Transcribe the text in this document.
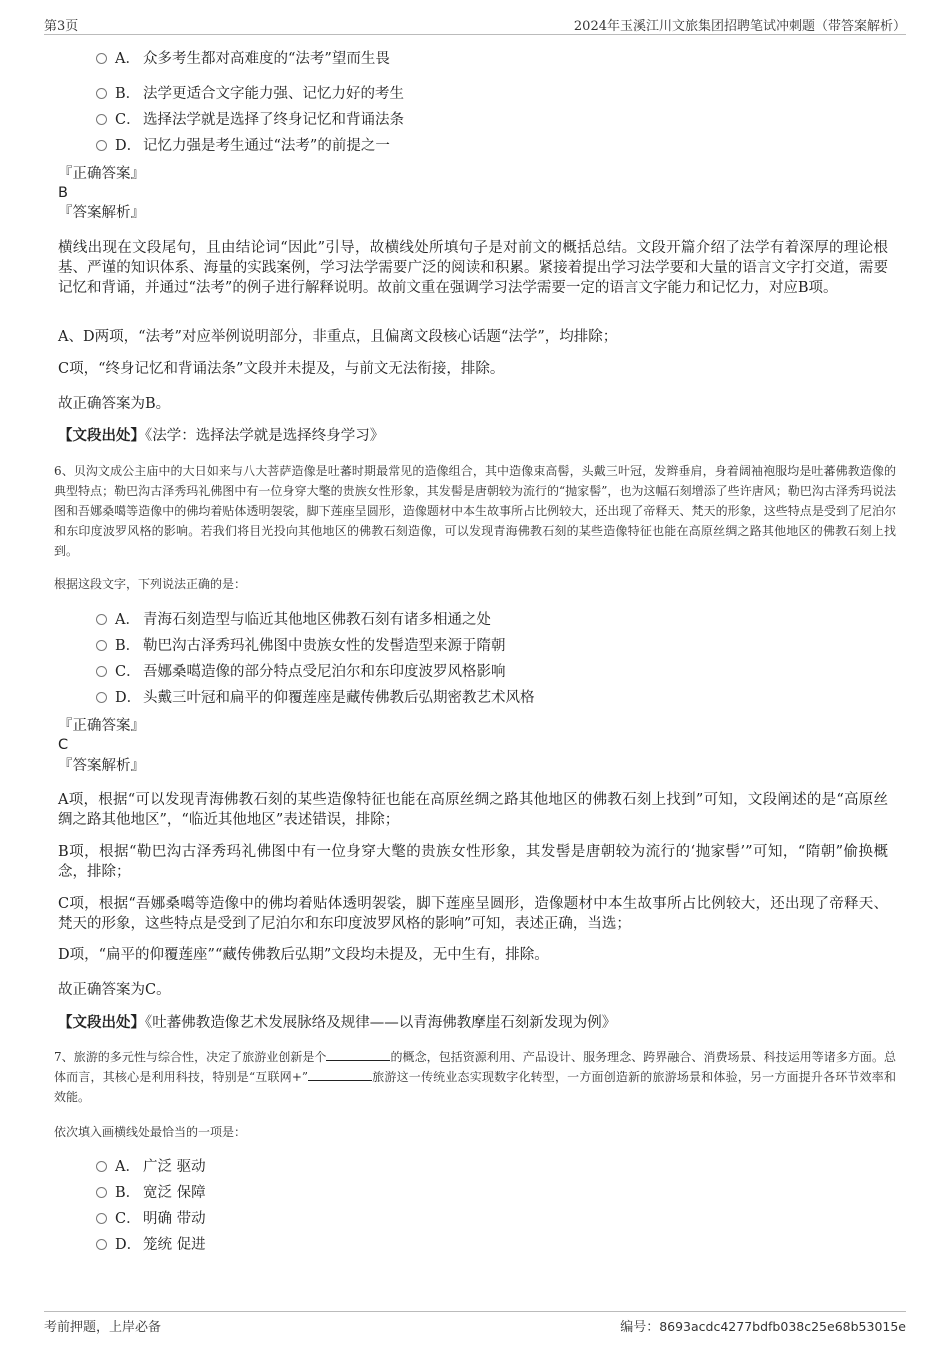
第3页	2024年玉溪江川文旅集团招聘笔试冲刺题（带答案解析）
A． 众多考生都对高难度的“法考”望而生畏
B． 法学更适合文字能力强、记忆力好的考生
C． 选择法学就是选择了终身记忆和背诵法条
D． 记忆力强是考生通过“法考”的前提之一
『正确答案』
B
『答案解析』
横线出现在文段尾句，且由结论词“因此”引导，故横线处所填句子是对前文的概括总结。文段开篇介绍了法学有着深厚的理论根基、严谨的知识体系、海量的实践案例，学习法学需要广泛的阅读和积累。紧接着提出学习法学要和大量的语言文字打交道，需要记忆和背诵，并通过“法考”的例子进行解释说明。故前文重在强调学习法学需要一定的语言文字能力和记忆力，对应B项。
A、D两项，“法考”对应举例说明部分，非重点，且偏离文段核心话题“法学”，均排除；
C项，“终身记忆和背诵法条”文段并未提及，与前文无法衔接，排除。
故正确答案为B。
【文段出处】《法学：选择法学就是选择终身学习》
6、贝沟文成公主庙中的大日如来与八大菩萨造像是吐蕃时期最常见的造像组合，其中造像束高髻，头戴三叶冠，发辫垂肩，身着阔袖袍服均是吐蕃佛教造像的典型特点；勒巴沟古泽秀玛礼佛图中有一位身穿大氅的贵族女性形象，其发髻是唐朝较为流行的“抛家髻”，也为这幅石刻增添了些许唐风；勒巴沟古泽秀玛说法图和吾娜桑噶等造像中的佛均着贴体透明袈裟，脚下莲座呈圆形，造像题材中本生故事所占比例较大，还出现了帝释天、梵天的形象，这些特点是受到了尼泊尔和东印度波罗风格的影响。若我们将目光投向其他地区的佛教石刻造像，可以发现青海佛教石刻的某些造像特征也能在高原丝绸之路其他地区的佛教石刻上找到。
根据这段文字，下列说法正确的是：
A． 青海石刻造型与临近其他地区佛教石刻有诸多相通之处
B． 勒巴沟古泽秀玛礼佛图中贵族女性的发髻造型来源于隋朝
C． 吾娜桑噶造像的部分特点受尼泊尔和东印度波罗风格影响
D． 头戴三叶冠和扁平的仰覆莲座是藏传佛教后弘期密教艺术风格
『正确答案』
C
『答案解析』
A项，根据“可以发现青海佛教石刻的某些造像特征也能在高原丝绸之路其他地区的佛教石刻上找到”可知，文段阐述的是“高原丝绸之路其他地区”，“临近其他地区”表述错误，排除；
B项，根据“勒巴沟古泽秀玛礼佛图中有一位身穿大氅的贵族女性形象，其发髻是唐朝较为流行的‘抛家髻’”可知，“隋朝”偷换概念，排除；
C项，根据“吾娜桑噶等造像中的佛均着贴体透明袈裟，脚下莲座呈圆形，造像题材中本生故事所占比例较大，还出现了帝释天、梵天的形象，这些特点是受到了尼泊尔和东印度波罗风格的影响”可知，表述正确，当选；
D项，“扁平的仰覆莲座”“藏传佛教后弘期”文段均未提及，无中生有，排除。
故正确答案为C。
【文段出处】《吐蕃佛教造像艺术发展脉络及规律——以青海佛教摩崖石刻新发现为例》
7、旅游的多元性与综合性，决定了旅游业创新是个	的概念，包括资源利用、产品设计、服务理念、跨界融合、消费场景、科技运用等诸多方面。总体而言，其核心是利用科技，特别是“互联网+”	旅游这一传统业态实现数字化转型，一方面创造新的旅游场景和体验，另一方面提升各环节效率和效能。
依次填入画横线处最恰当的一项是：
A． 广泛 驱动
B． 宽泛 保障
C． 明确 带动
D． 笼统 促进
考前押题，上岸必备	编号：8693acdc4277bdfb038c25e68b53015e
